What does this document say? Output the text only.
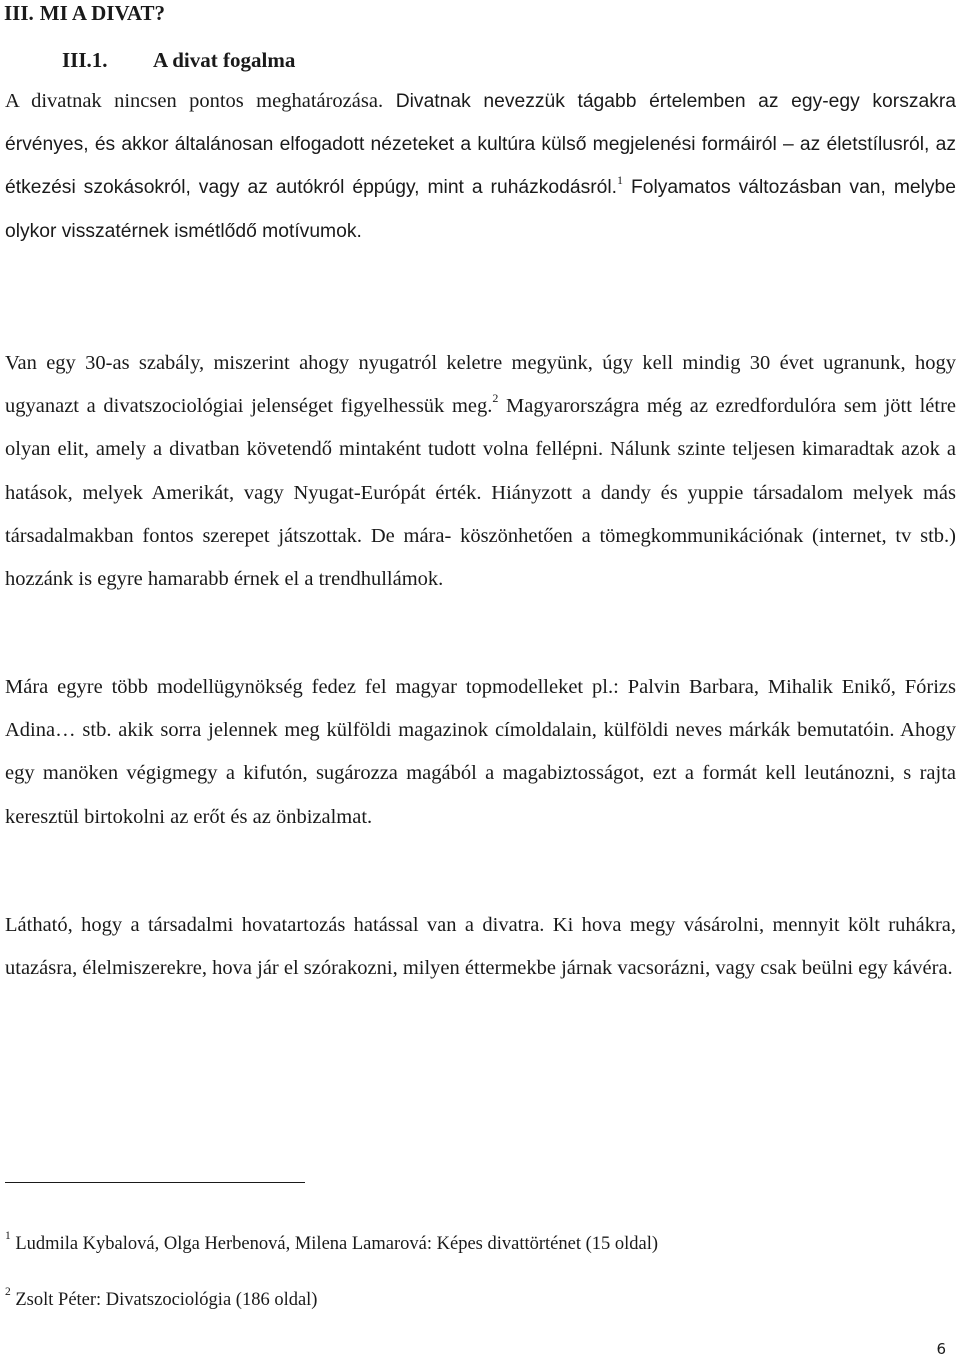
III. MI A DIVAT?
III.1. A divat fogalma

A divatnak nincsen pontos meghatározása. Divatnak nevezzük tágabb értelemben az egy-egy korszakra érvényes, és akkor általánosan elfogadott nézeteket a kultúra külső megjelenési formáiról – az életstílusról, az étkezési szokásokról, vagy az autókról éppúgy, mint a ruházkodásról.$^1$ Folyamatos változásban van, melybe olykor visszatérnek ismétlődő motívumok.

Van egy 30-as szabály, miszerint ahogy nyugatról keletre megyünk, úgy kell mindig 30 évet ugranunk, hogy ugyanazt a divatszociológiai jelenséget figyelhessük meg.$^2$ Magyarországra még az ezredfordulóra sem jött létre olyan elit, amely a divatban követendő mintaként tudott volna fellépni. Nálunk szinte teljesen kimaradtak azok a hatások, melyek Amerikát, vagy Nyugat-Európát érték. Hiányzott a dandy és yuppie társadalom melyek más társadalmakban fontos szerepet játszottak. De mára- köszönhetően a tömegkommunikációnak (internet, tv stb.) hozzánk is egyre hamarabb érnek el a trendhullámok.

Mára egyre több modellügynökség fedez fel magyar topmodelleket pl.: Palvin Barbara, Mihalik Enikő, Fórizs Adina… stb. akik sorra jelennek meg külföldi magazinok címoldalain, külföldi neves márkák bemutatóin. Ahogy egy manöken végigmegy a kifutón, sugározza magából a magabiztosságot, ezt a formát kell leutánozni, s rajta keresztül birtokolni az erőt és az önbizalmat.

Látható, hogy a társadalmi hovatartozás hatással van a divatra. Ki hova megy vásárolni, mennyit költ ruhákra, utazásra, élelmiszerekre, hova jár el szórakozni, milyen éttermekbe járnak vacsorázni, vagy csak beülni egy kávéra.

$^1$ Ludmila Kybalová, Olga Herbenová, Milena Lamarová: Képes divattörténet (15 oldal)
$^2$ Zsolt Péter: Divatszociológia (186 oldal)
6
